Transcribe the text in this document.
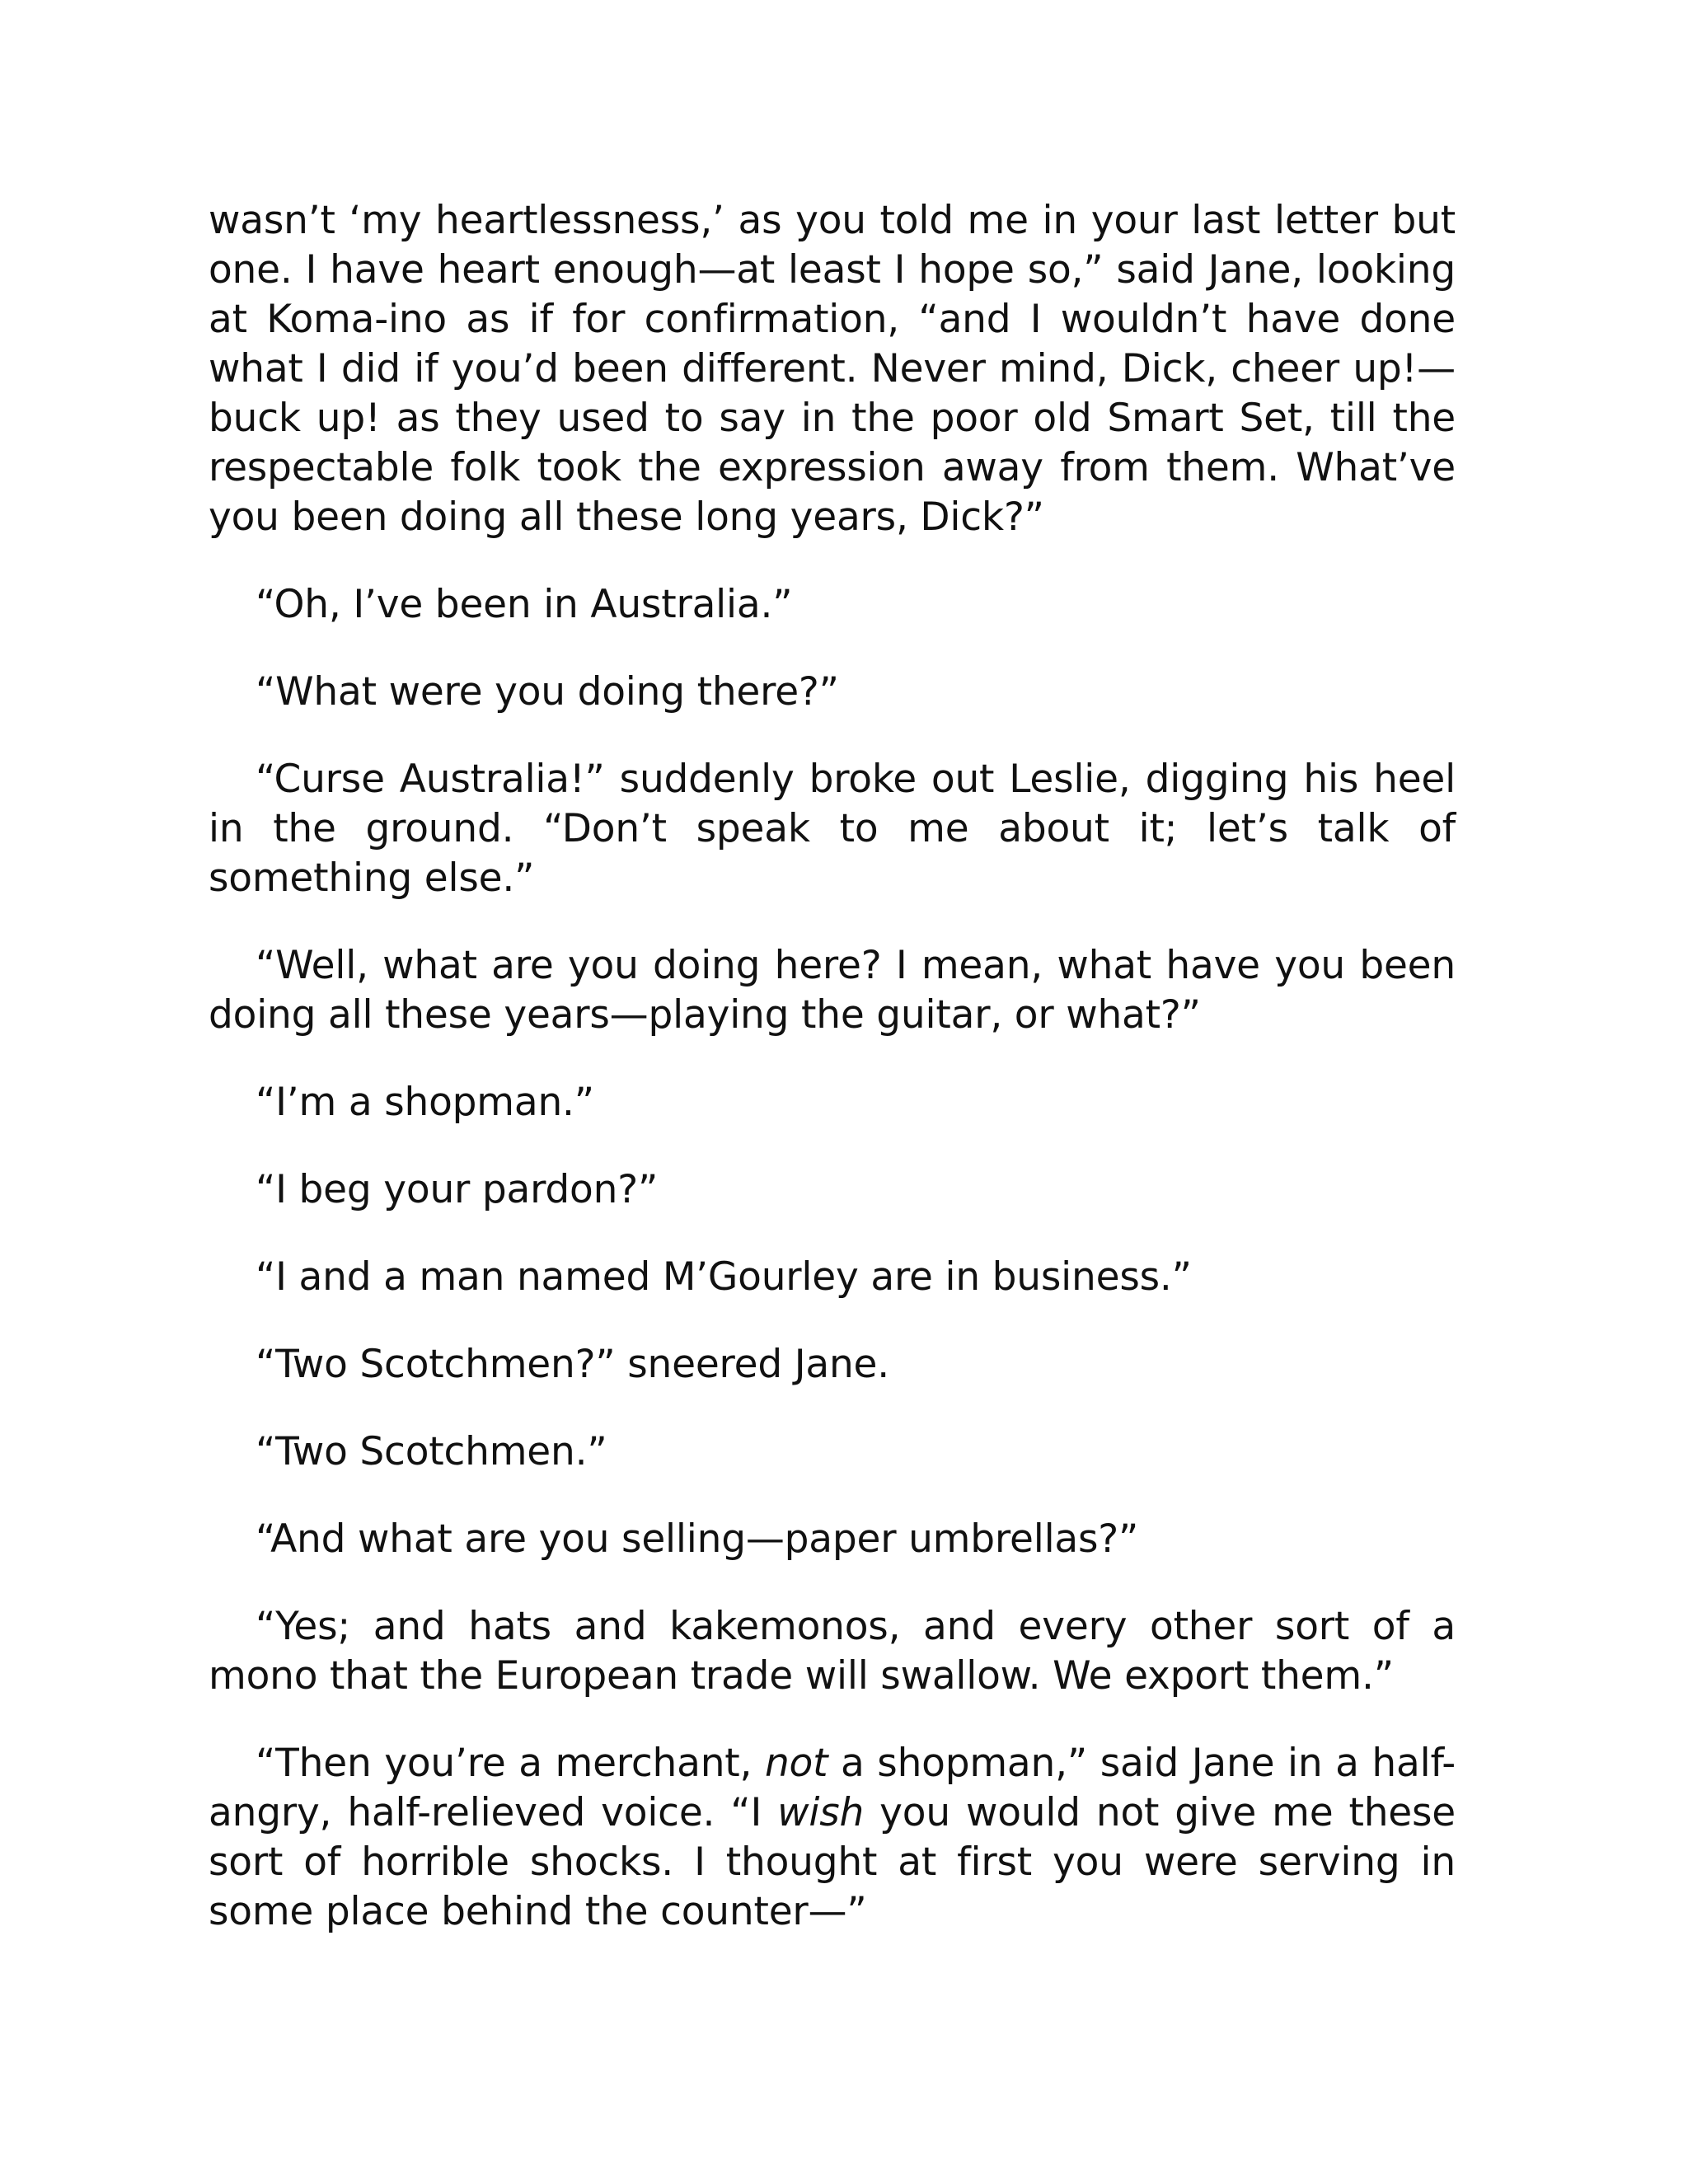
wasn’t ‘my heartlessness,’ as you told me in your last letter but one. I have heart enough—at least I hope so,” said Jane, looking at Koma-ino as if for confirmation, “and I wouldn’t have done what I did if you’d been different. Never mind, Dick, cheer up!—buck up! as they used to say in the poor old Smart Set, till the respectable folk took the expression away from them. What’ve you been doing all these long years, Dick?”

“Oh, I’ve been in Australia.”

“What were you doing there?”

“Curse Australia!” suddenly broke out Leslie, digging his heel in the ground. “Don’t speak to me about it; let’s talk of something else.”

“Well, what are you doing here? I mean, what have you been doing all these years—playing the guitar, or what?”

“I’m a shopman.”

“I beg your pardon?”

“I and a man named M’Gourley are in business.”

“Two Scotchmen?” sneered Jane.

“Two Scotchmen.”

“And what are you selling—paper umbrellas?”

“Yes; and hats and kakemonos, and every other sort of a mono that the European trade will swallow. We export them.”

“Then you’re a merchant, not a shopman,” said Jane in a half-angry, half-relieved voice. “I wish you would not give me these sort of horrible shocks. I thought at first you were serving in some place behind the counter—”
